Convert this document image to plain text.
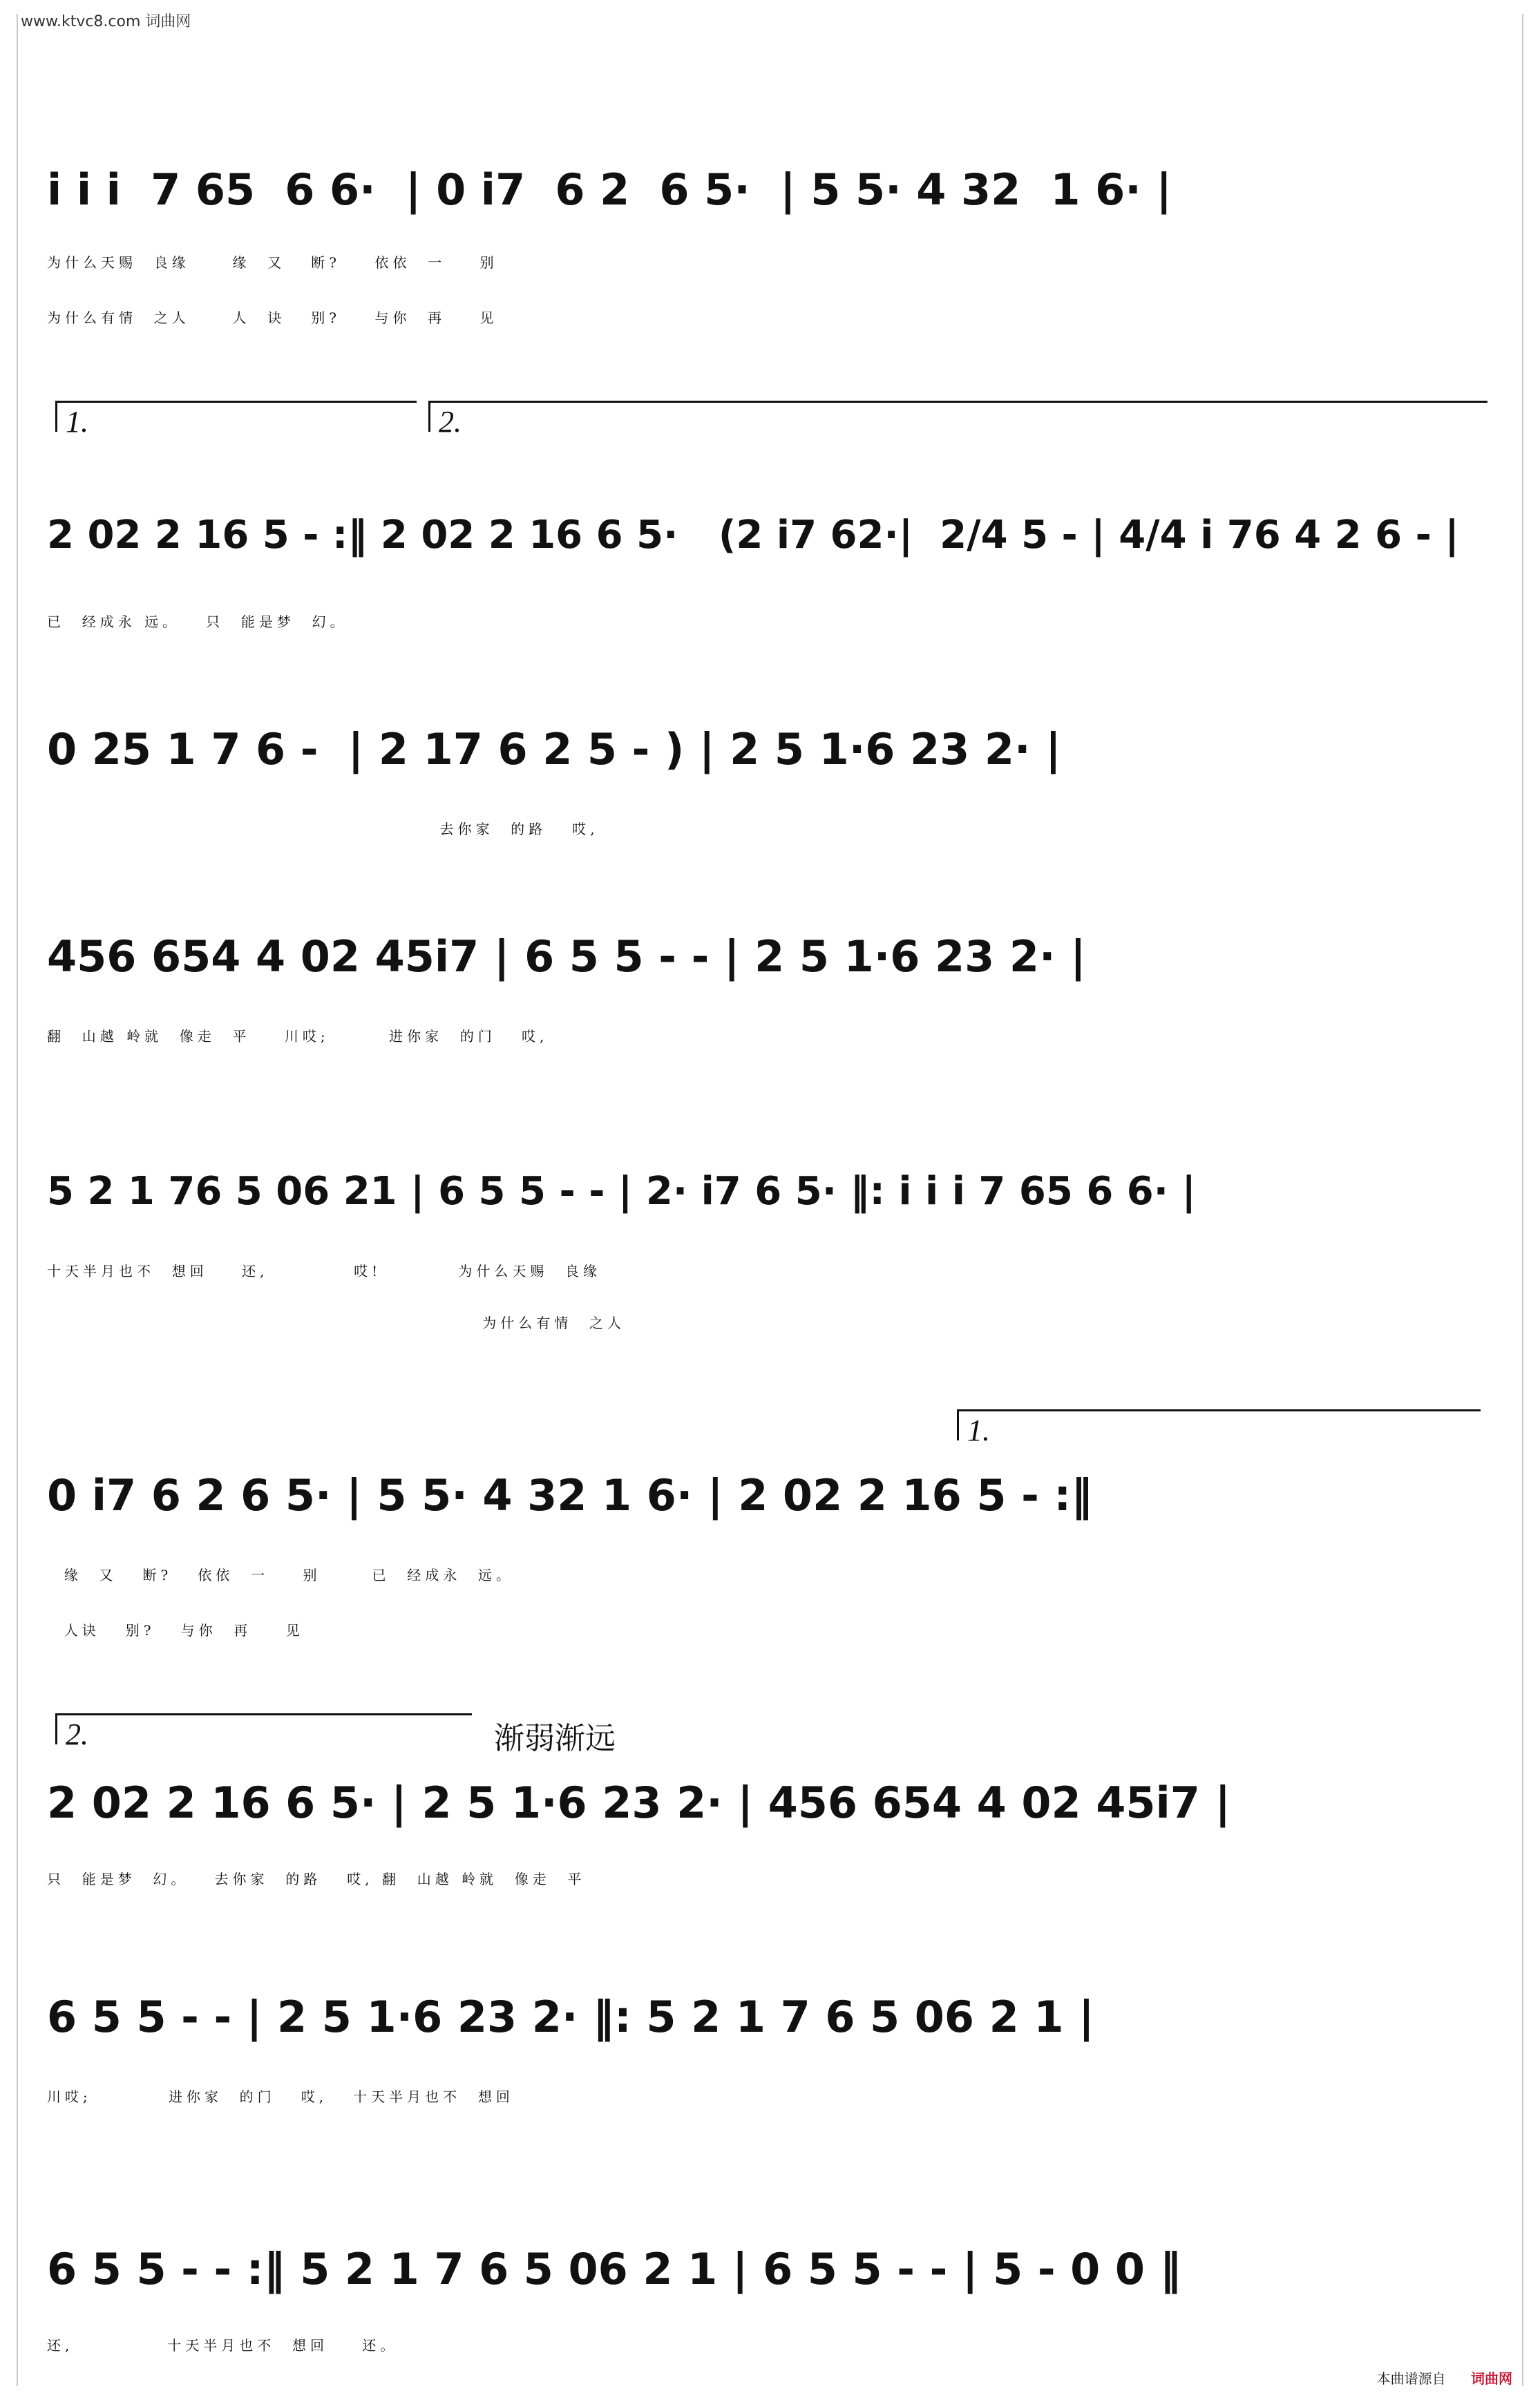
www.ktvc8.com 词曲网
i i i  7 65  6 6·  | 0 i7  6 2  6 5·  | 5 5· 4 32  1 6· |
为什么天赐  良缘     缘  又   断?    依依  一    别
为什么有情  之人     人  诀   别?    与你  再    见
1.	2.
2 02 2 16 5 - :‖ 2 02 2 16 6 5·   (2 i7 62·|  2/4 5 - | 4/4 i 76 4 2 6 - |
已  经成永 远。   只  能是梦  幻。
0 25 1 7 6 -  | 2 17 6 2 5 - ) | 2 5 1·6 23 2· |
去你家  的路   哎,
456 654 4 02 45i7 | 6 5 5 - - | 2 5 1·6 23 2· |
翻  山越 岭就  像走  平    川哎;       进你家  的门   哎,
5 2 1 76 5 06 21 | 6 5 5 - - | 2· i7 6 5· ‖: i i i 7 65 6 6· |
十天半月也不  想回    还,          哎!         为什么天赐  良缘
为什么有情  之人
1.
0 i7 6 2 6 5· | 5 5· 4 32 1 6· | 2 02 2 16 5 - :‖
缘  又   断?   依依  一    别      已  经成永  远。
人诀   别?   与你  再    见
2.	渐弱渐远
2 02 2 16 6 5· | 2 5 1·6 23 2· | 456 654 4 02 45i7 |
只  能是梦  幻。   去你家  的路   哎, 翻  山越 岭就  像走  平
6 5 5 - - | 2 5 1·6 23 2· ‖: 5 2 1 7 6 5 06 2 1 |
川哎;         进你家  的门   哎,   十天半月也不  想回
6 5 5 - - :‖ 5 2 1 7 6 5 06 2 1 | 6 5 5 - - | 5 - 0 0 ‖
还,           十天半月也不  想回    还。
本曲谱源自 词曲网
